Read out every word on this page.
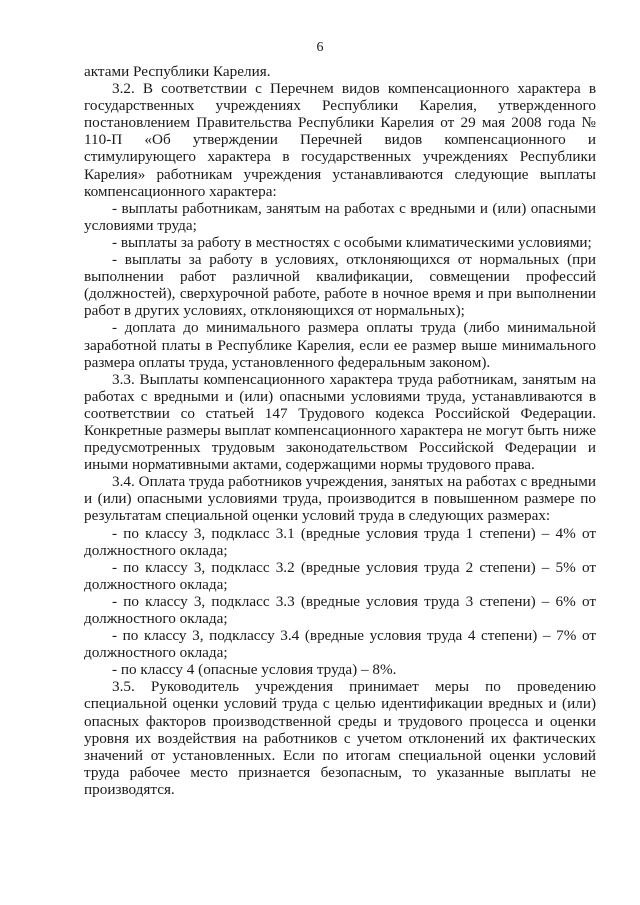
6

актами Республики Карелия.

3.2. В соответствии с Перечнем видов компенсационного характера в государственных учреждениях Республики Карелия, утвержденного постановлением Правительства Республики Карелия от 29 мая 2008 года № 110-П «Об утверждении Перечней видов компенсационного и стимулирующего характера в государственных учреждениях Республики Карелия» работникам учреждения устанавливаются следующие выплаты компенсационного характера:

- выплаты работникам, занятым на работах с вредными и (или) опасными условиями труда;

- выплаты за работу в местностях с особыми климатическими условиями;

- выплаты за работу в условиях, отклоняющихся от нормальных (при выполнении работ различной квалификации, совмещении профессий (должностей), сверхурочной работе, работе в ночное время и при выполнении работ в других условиях, отклоняющихся от нормальных);

- доплата до минимального размера оплаты труда (либо минимальной заработной платы в Республике Карелия, если ее размер выше минимального размера оплаты труда, установленного федеральным законом).

3.3. Выплаты компенсационного характера труда работникам, занятым на работах с вредными и (или) опасными условиями труда, устанавливаются в соответствии со статьей 147 Трудового кодекса Российской Федерации. Конкретные размеры выплат компенсационного характера не могут быть ниже предусмотренных трудовым законодательством Российской Федерации и иными нормативными актами, содержащими нормы трудового права.

3.4. Оплата труда работников учреждения, занятых на работах с вредными и (или) опасными условиями труда, производится в повышенном размере по результатам специальной оценки условий труда в следующих размерах:

- по классу 3, подкласс 3.1 (вредные условия труда 1 степени) – 4% от должностного оклада;

- по классу 3, подкласс 3.2 (вредные условия труда 2 степени) – 5% от должностного оклада;

- по классу 3, подкласс 3.3 (вредные условия труда 3 степени) – 6% от должностного оклада;

- по классу 3, подклассу 3.4 (вредные условия труда 4 степени) – 7% от должностного оклада;

- по классу 4 (опасные условия труда) – 8%.

3.5. Руководитель учреждения принимает меры по проведению специальной оценки условий труда с целью идентификации вредных и (или) опасных факторов производственной среды и трудового процесса и оценки уровня их воздействия на работников с учетом отклонений их фактических значений от установленных. Если по итогам специальной оценки условий труда рабочее место признается безопасным, то указанные выплаты не производятся.
